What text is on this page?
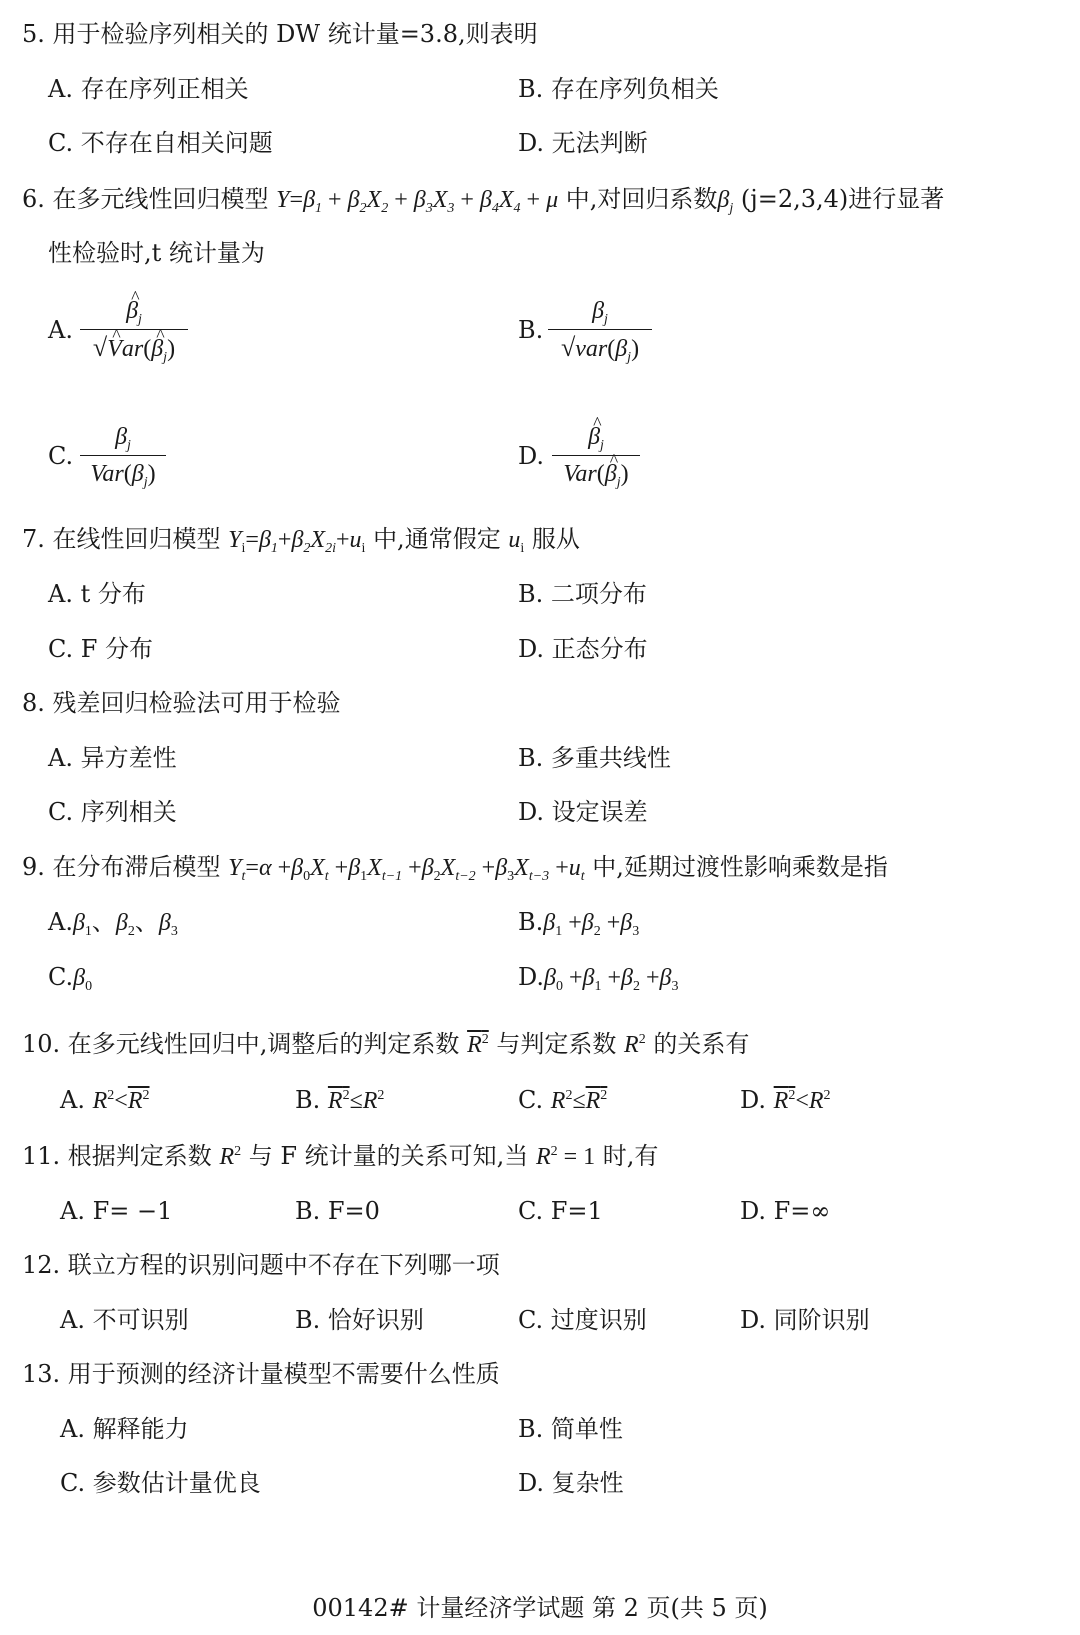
5. 用于检验序列相关的 DW 统计量=3.8,则表明
A. 存在序列正相关	B. 存在序列负相关
C. 不存在自相关问题	D. 无法判断
6. 在多元线性回归模型 $Y=\beta_1 + \beta_2X_2 + \beta_3X_3 + \beta_4X_4 + \mu$ 中,对回归系数$\beta_j$ (j=2,3,4)进行显著
性检验时,t 统计量为
A.
^ $\beta_j$
√^ Var(^ $\beta_j$)
B.
$\beta_j$
$√var(\beta_j)$
C.
$\beta_j$
$Var(\beta_j)$
D.
^ $\beta_j$
Var(^ $\beta_j$)
7. 在线性回归模型 $Y_i=\beta_1+\beta_2X_{2i}+u_i$ 中,通常假定 $u_i$ 服从
A. t 分布	B. 二项分布
C. F 分布	D. 正态分布
8. 残差回归检验法可用于检验
A. 异方差性	B. 多重共线性
C. 序列相关	D. 设定误差
9. 在分布滞后模型 $Y_t=\alpha +\beta_0X_t +\beta_1X_{t-1} +\beta_2X_{t-2} +\beta_3X_{t-3} +u_t$ 中,延期过渡性影响乘数是指
$A.\beta_1$、$\beta_2$、$\beta_3$	$B.\beta_1 +\beta_2 +\beta_3$
$C.\beta_0$	$D.\beta_0 +\beta_1 +\beta_2 +\beta_3$
10. 在多元线性回归中,调整后的判定系数 $R^2$ 与判定系数 $R^2$ 的关系有
A. $R^2<R^2$	B. $R^2\le R^2$	C. $R^2\le R^2$	D. $R^2<R^2$
11. 根据判定系数 $R^2$ 与 F 统计量的关系可知,当 $R^2 = 1$ 时,有
A. F= −1	B. F=0	C. F=1	D. F=∞
12. 联立方程的识别问题中不存在下列哪一项
A. 不可识别	B. 恰好识别	C. 过度识别	D. 同阶识别
13. 用于预测的经济计量模型不需要什么性质
A. 解释能力	B. 简单性
C. 参数估计量优良	D. 复杂性
00142# 计量经济学试题 第 2 页(共 5 页)
